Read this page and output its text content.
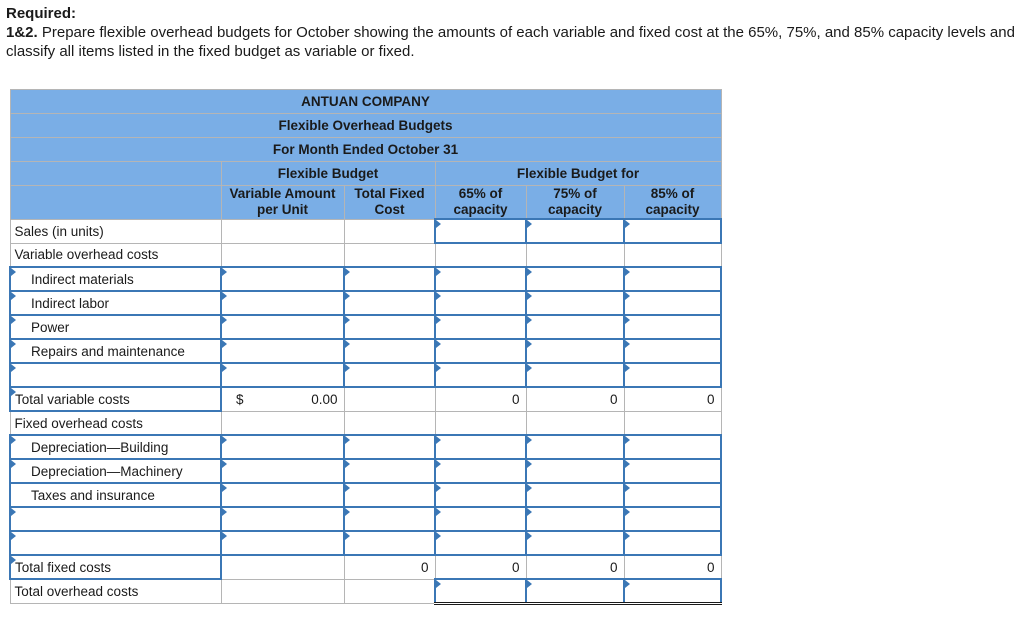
Required:
1&2. Prepare flexible overhead budgets for October showing the amounts of each variable and fixed cost at the 65%, 75%, and 85% capacity levels and classify all items listed in the fixed budget as variable or fixed.
ANTUAN COMPANY					
Flexible Overhead Budgets					
For Month Ended October 31					
	Flexible Budget		Flexible Budget for		
	Variable Amount per Unit	Total Fixed Cost	65% of capacity	75% of capacity	85% of capacity
Sales (in units)					
Variable overhead costs					
Indirect materials					
Indirect labor					
Power					
Repairs and maintenance					

Total variable costs	$ 0.00		0	0	0
Fixed overhead costs					
Depreciation—Building					
Depreciation—Machinery					
Taxes and insurance					

Total fixed costs		0	0	0	0
Total overhead costs					
